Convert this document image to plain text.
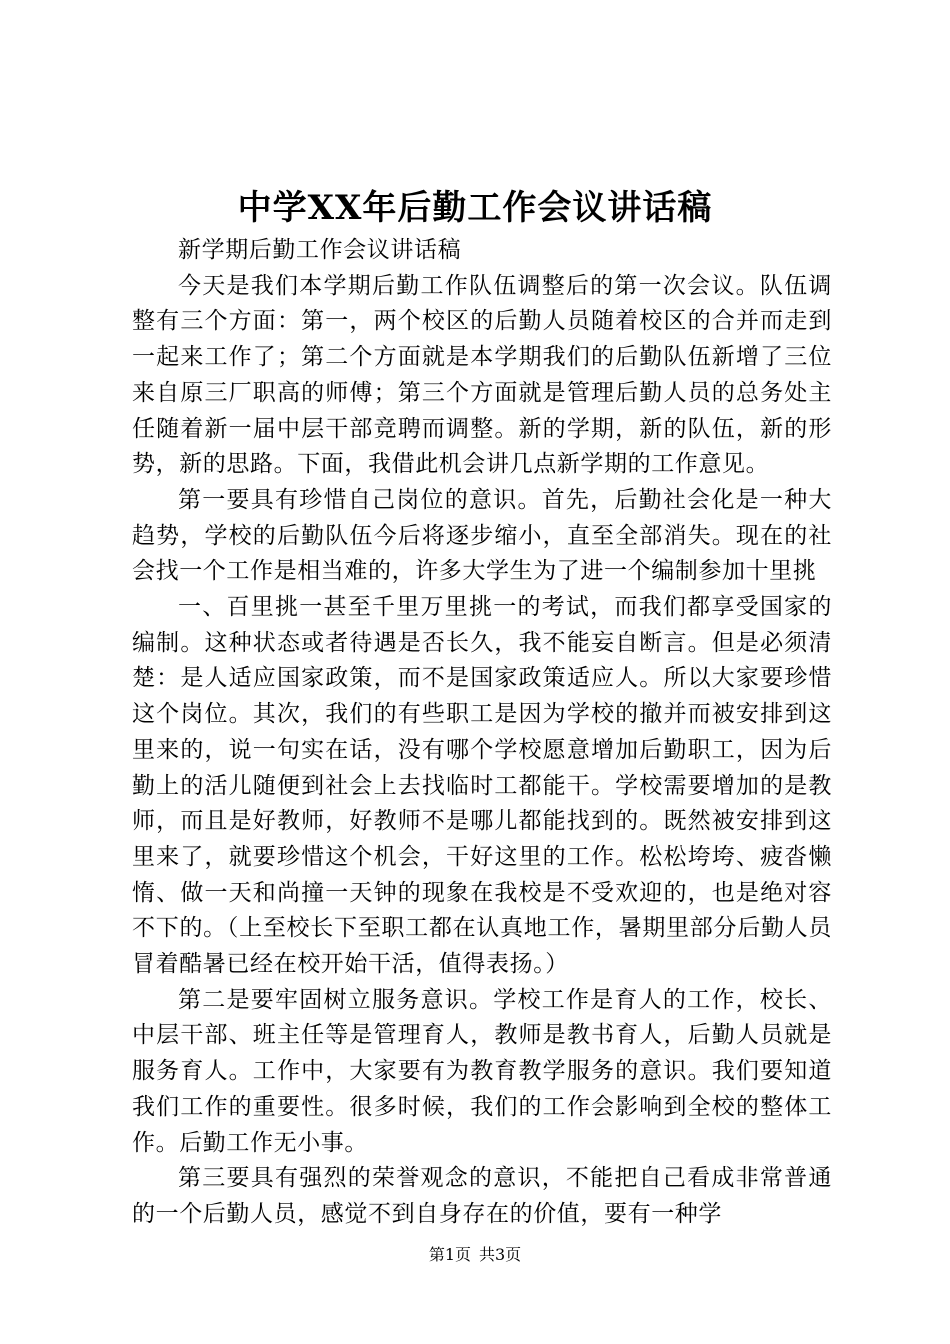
中学XX年后勤工作会议讲话稿

新学期后勤工作会议讲话稿

今天是我们本学期后勤工作队伍调整后的第一次会议。队伍调整有三个方面：第一，两个校区的后勤人员随着校区的合并而走到一起来工作了；第二个方面就是本学期我们的后勤队伍新增了三位来自原三厂职高的师傅；第三个方面就是管理后勤人员的总务处主任随着新一届中层干部竞聘而调整。新的学期，新的队伍，新的形势，新的思路。下面，我借此机会讲几点新学期的工作意见。

第一要具有珍惜自己岗位的意识。首先，后勤社会化是一种大趋势，学校的后勤队伍今后将逐步缩小，直至全部消失。现在的社会找一个工作是相当难的，许多大学生为了进一个编制参加十里挑

一、百里挑一甚至千里万里挑一的考试，而我们都享受国家的编制。这种状态或者待遇是否长久，我不能妄自断言。但是必须清楚：是人适应国家政策，而不是国家政策适应人。所以大家要珍惜这个岗位。其次，我们的有些职工是因为学校的撤并而被安排到这里来的，说一句实在话，没有哪个学校愿意增加后勤职工，因为后勤上的活儿随便到社会上去找临时工都能干。学校需要增加的是教师，而且是好教师，好教师不是哪儿都能找到的。既然被安排到这里来了，就要珍惜这个机会，干好这里的工作。松松垮垮、疲沓懒惰、做一天和尚撞一天钟的现象在我校是不受欢迎的，也是绝对容不下的。（上至校长下至职工都在认真地工作，暑期里部分后勤人员冒着酷暑已经在校开始干活，值得表扬。）

第二是要牢固树立服务意识。学校工作是育人的工作，校长、中层干部、班主任等是管理育人，教师是教书育人，后勤人员就是服务育人。工作中，大家要有为教育教学服务的意识。我们要知道我们工作的重要性。很多时候，我们的工作会影响到全校的整体工作。后勤工作无小事。

第三要具有强烈的荣誉观念的意识，不能把自己看成非常普通的一个后勤人员，感觉不到自身存在的价值，要有一种学

第1页  共3页
